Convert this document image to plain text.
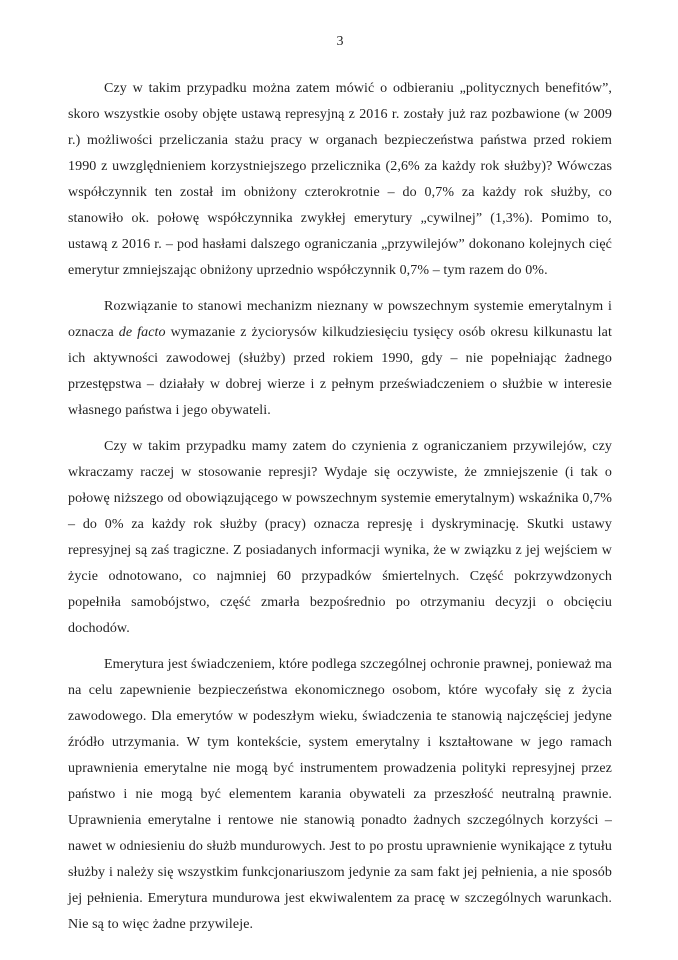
3

Czy w takim przypadku można zatem mówić o odbieraniu „politycznych benefitów”, skoro wszystkie osoby objęte ustawą represyjną z 2016 r. zostały już raz pozbawione (w 2009 r.) możliwości przeliczania stażu pracy w organach bezpieczeństwa państwa przed rokiem 1990 z uwzględnieniem korzystniejszego przelicznika (2,6% za każdy rok służby)? Wówczas współczynnik ten został im obniżony czterokrotnie – do 0,7% za każdy rok służby, co stanowiło ok. połowę współczynnika zwykłej emerytury „cywilnej” (1,3%). Pomimo to, ustawą z 2016 r. – pod hasłami dalszego ograniczania „przywilejów” dokonano kolejnych cięć emerytur zmniejszając obniżony uprzednio współczynnik 0,7% – tym razem do 0%.

Rozwiązanie to stanowi mechanizm nieznany w powszechnym systemie emerytalnym i oznacza de facto wymazanie z życiorysów kilkudziesięciu tysięcy osób okresu kilkunastu lat ich aktywności zawodowej (służby) przed rokiem 1990, gdy – nie popełniając żadnego przestępstwa – działały w dobrej wierze i z pełnym przeświadczeniem o służbie w interesie własnego państwa i jego obywateli.

Czy w takim przypadku mamy zatem do czynienia z ograniczaniem przywilejów, czy wkraczamy raczej w stosowanie represji? Wydaje się oczywiste, że zmniejszenie (i tak o połowę niższego od obowiązującego w powszechnym systemie emerytalnym) wskaźnika 0,7% – do 0% za każdy rok służby (pracy) oznacza represję i dyskryminację. Skutki ustawy represyjnej są zaś tragiczne. Z posiadanych informacji wynika, że w związku z jej wejściem w życie odnotowano, co najmniej 60 przypadków śmiertelnych. Część pokrzywdzonych popełniła samobójstwo, część zmarła bezpośrednio po otrzymaniu decyzji o obcięciu dochodów.

Emerytura jest świadczeniem, które podlega szczególnej ochronie prawnej, ponieważ ma na celu zapewnienie bezpieczeństwa ekonomicznego osobom, które wycofały się z życia zawodowego. Dla emerytów w podeszłym wieku, świadczenia te stanowią najczęściej jedyne źródło utrzymania. W tym kontekście, system emerytalny i kształtowane w jego ramach uprawnienia emerytalne nie mogą być instrumentem prowadzenia polityki represyjnej przez państwo i nie mogą być elementem karania obywateli za przeszłość neutralną prawnie. Uprawnienia emerytalne i rentowe nie stanowią ponadto żadnych szczególnych korzyści – nawet w odniesieniu do służb mundurowych. Jest to po prostu uprawnienie wynikające z tytułu służby i należy się wszystkim funkcjonariuszom jedynie za sam fakt jej pełnienia, a nie sposób jej pełnienia. Emerytura mundurowa jest ekwiwalentem za pracę w szczególnych warunkach. Nie są to więc żadne przywileje.
